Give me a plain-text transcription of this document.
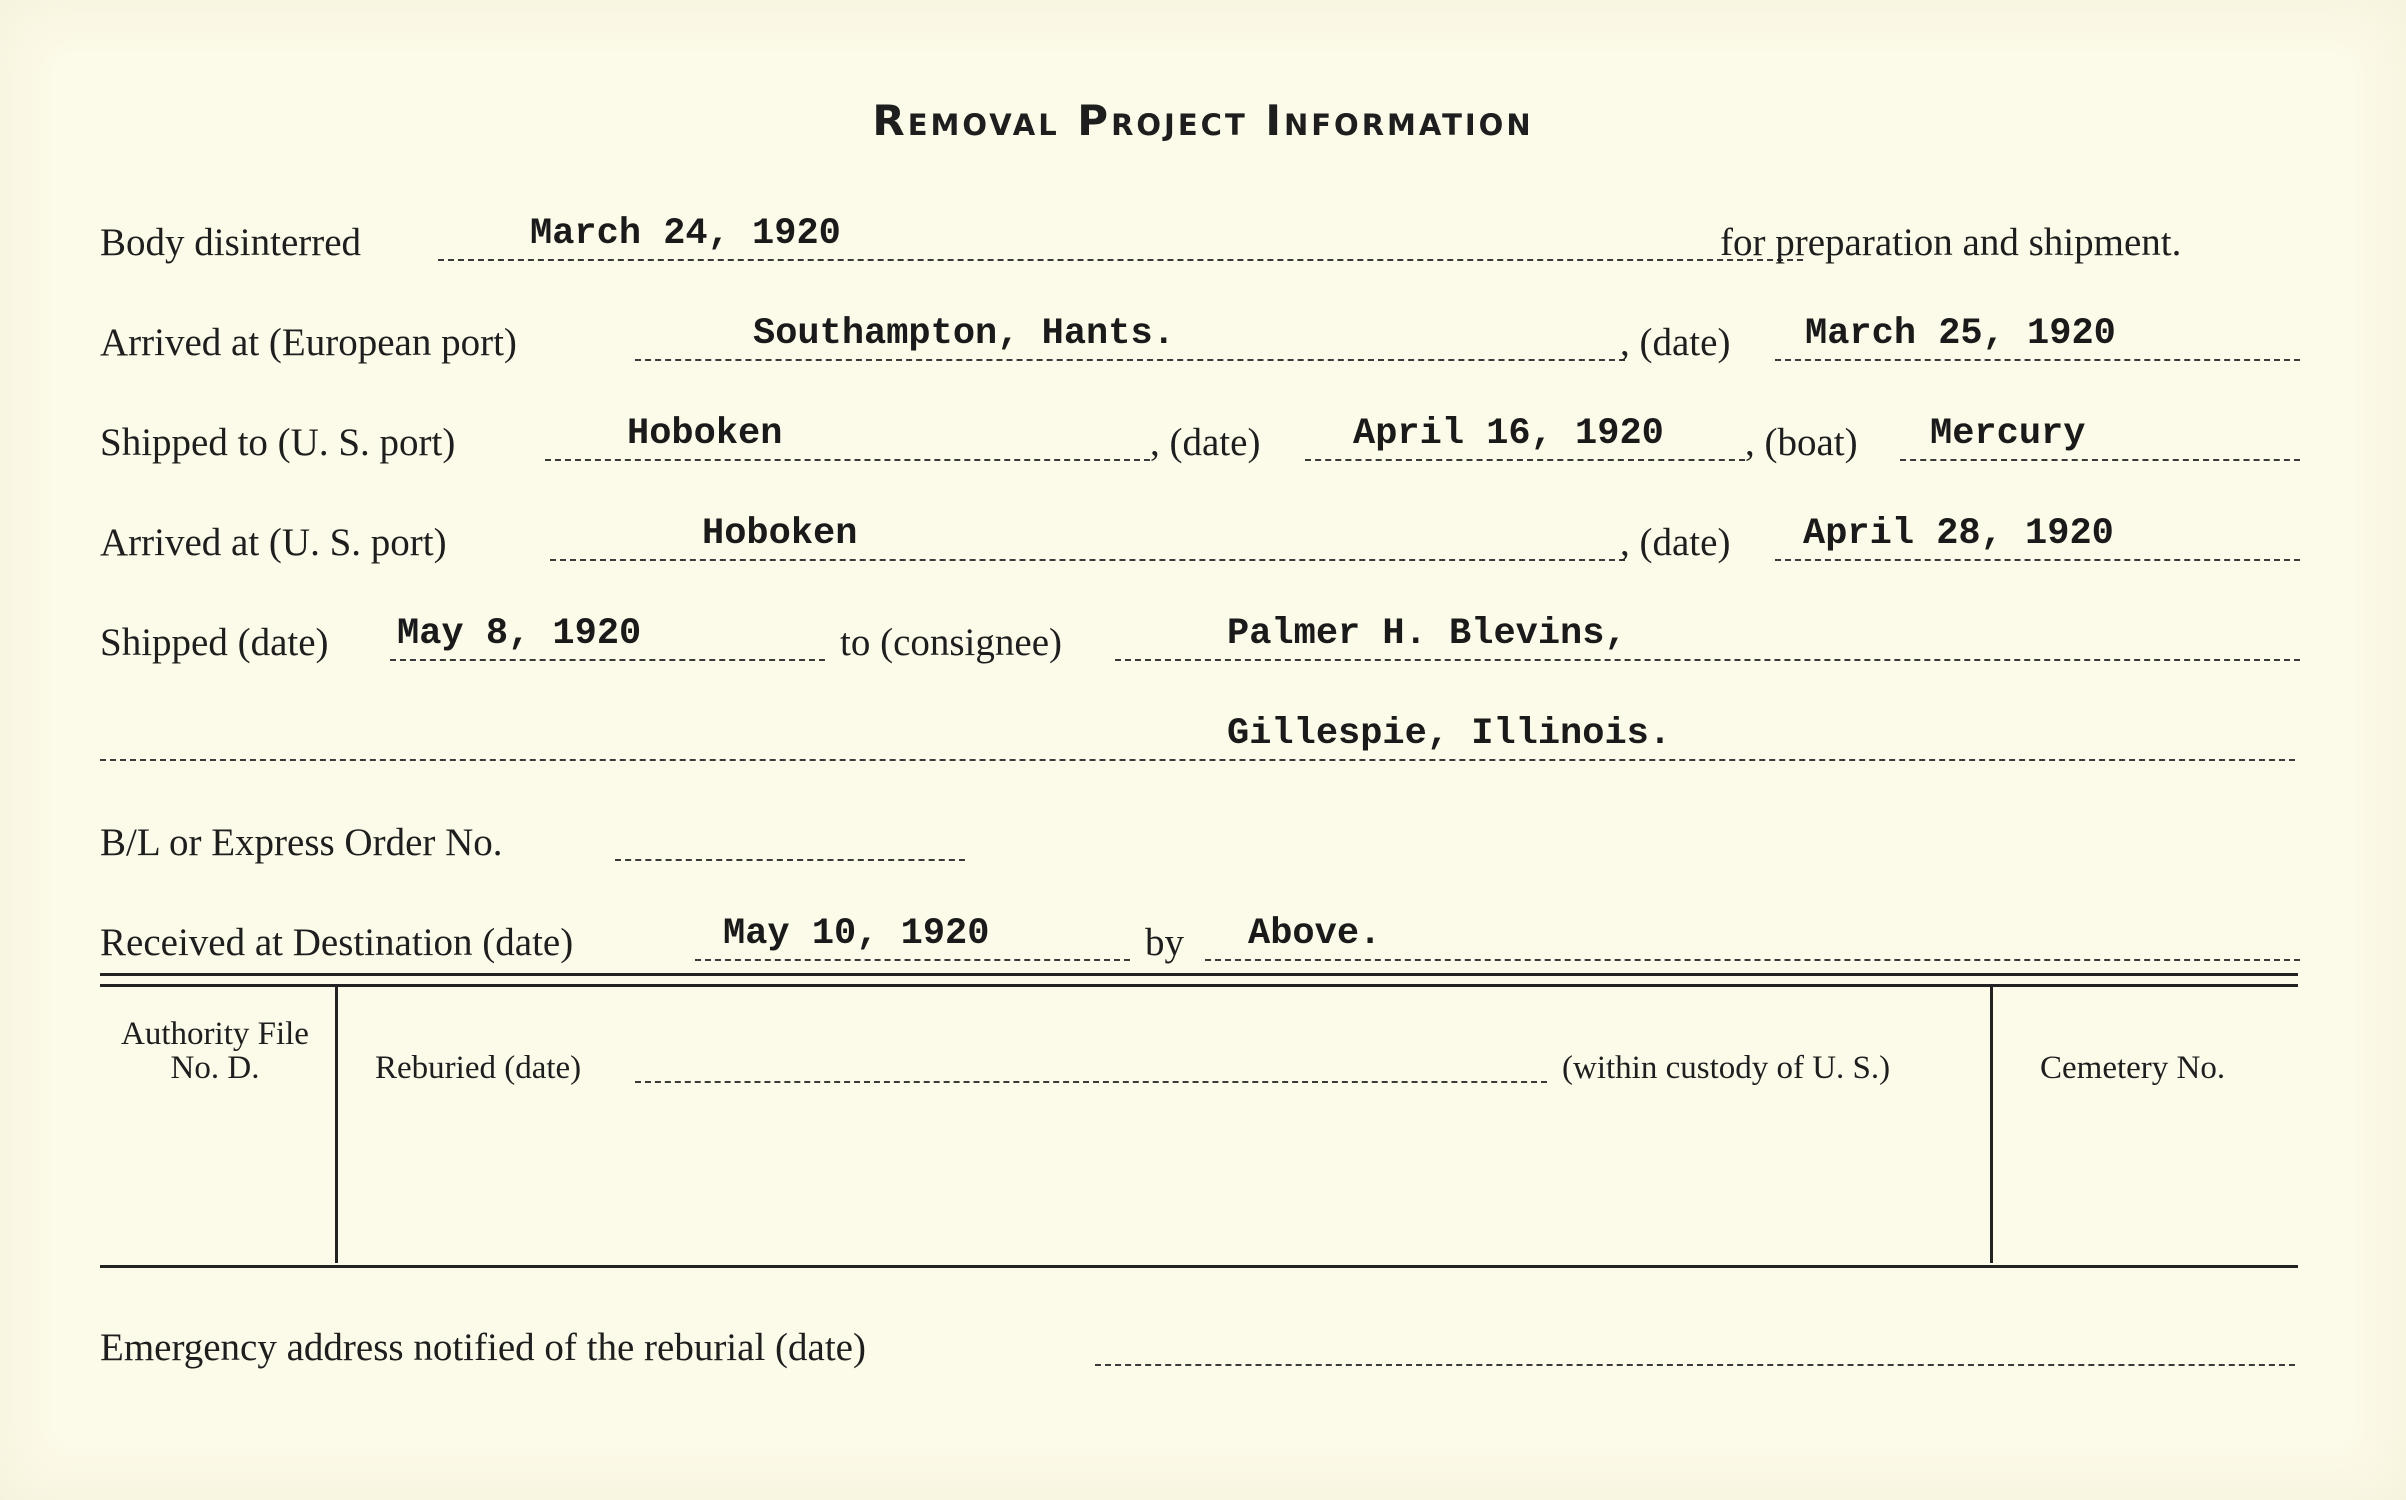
Removal Project Information
Body disinterred	March 24, 1920	for preparation and shipment.
Arrived at (European port)	Southampton, Hants.	, (date) March 25, 1920
Shipped to (U. S. port)	Hoboken	, (date)	April 16, 1920 , (boat) Mercury
Arrived at (U. S. port)	Hoboken	, (date) April 28, 1920
Shipped (date) May 8, 1920	to (consignee)	Palmer H. Blevins,
Gillespie, Illinois.
B/L or Express Order No.
Received at Destination (date)	May 10, 1920	by Above.
Authority File No. D.	Reburied (date)	(within custody of U. S.)	Cemetery No.
Emergency address notified of the reburial (date)
